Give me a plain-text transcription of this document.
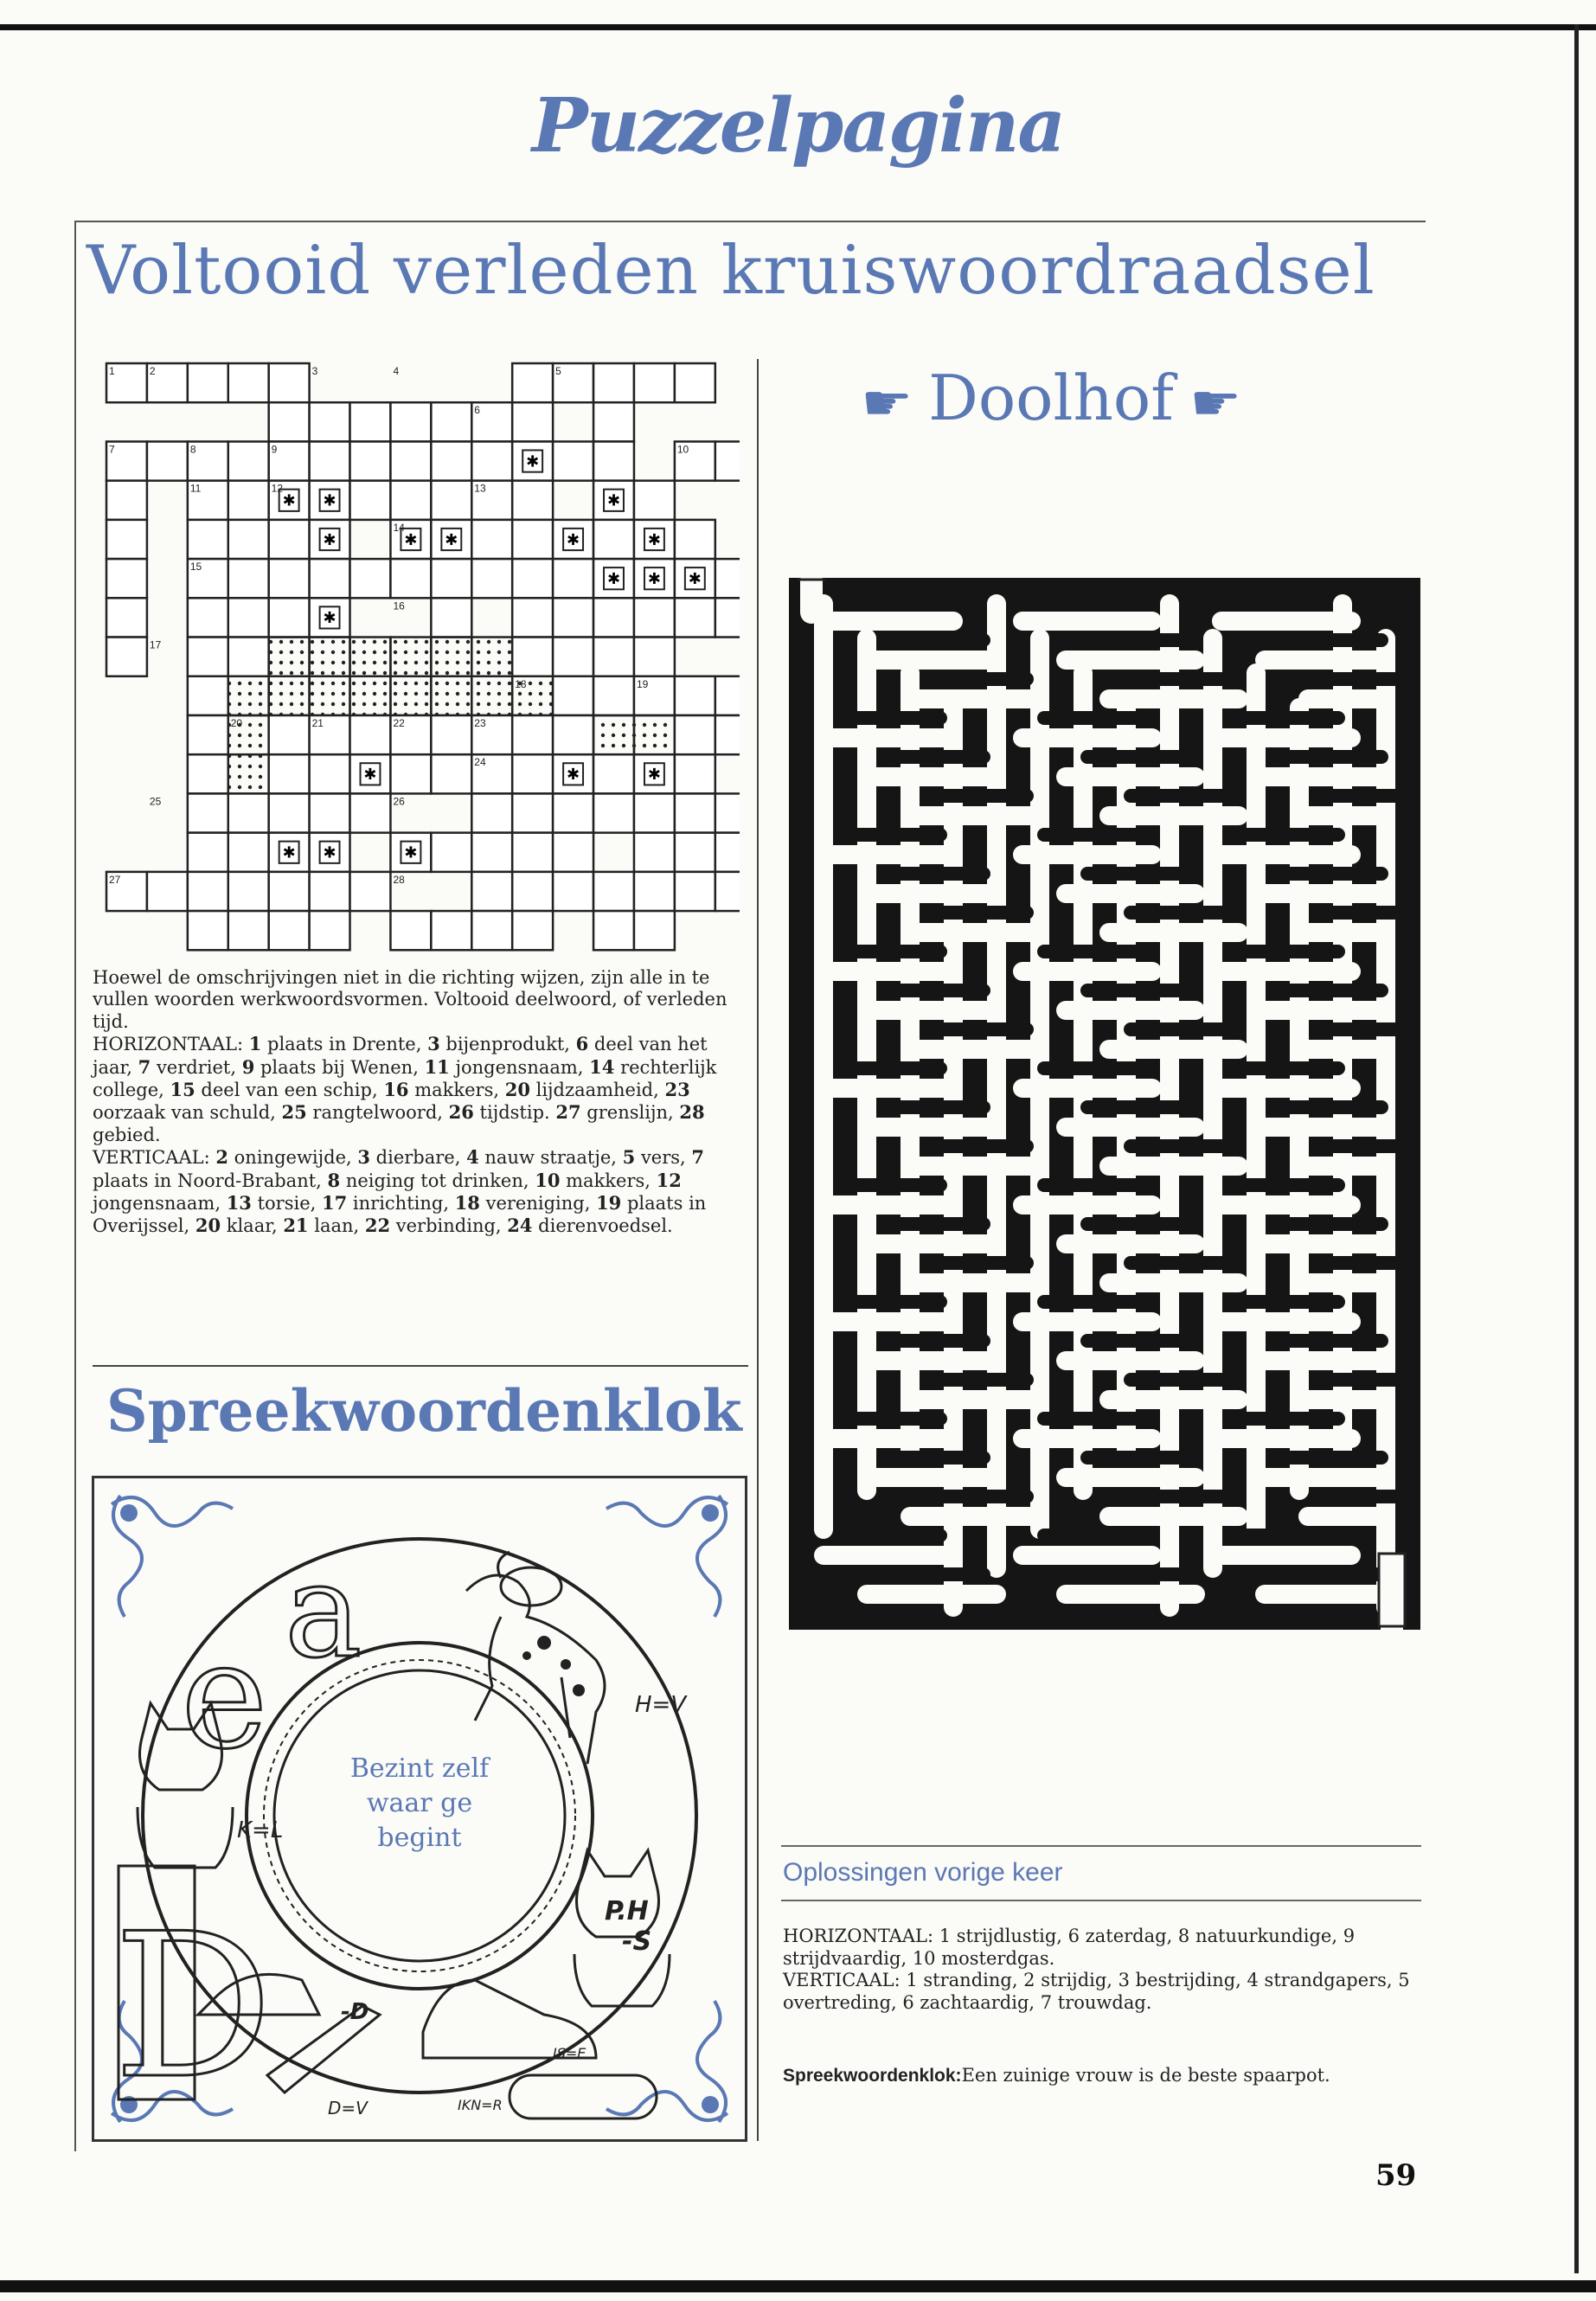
Puzzelpagina
Voltooid verleden kruiswoordraadsel
☛ Doolhof ☛
✱
✱ ✱	✱
✱	✱ ✱	✱	✱
✱ ✱ ✱
✱
✱	✱	✱
✱ ✱	✱
1	2	3	4	5
6
7	8	9	10
11	12	13
14
15
16
17
18	19
20	21	22	23
24
25	26
27	28
Hoewel de omschrijvingen niet in die richting wijzen, zijn alle in te vullen woorden werkwoordsvormen. Voltooid deelwoord, of verleden tijd.
HORIZONTAAL: 1 plaats in Drente, 3 bijenprodukt, 6 deel van het jaar, 7 verdriet, 9 plaats bij Wenen, 11 jongensnaam, 14 rechterlijk college, 15 deel van een schip, 16 makkers, 20 lijdzaamheid, 23 oorzaak van schuld, 25 rangtelwoord, 26 tijdstip. 27 grenslijn, 28 gebied.
VERTICAAL: 2 oningewijde, 3 dierbare, 4 nauw straatje, 5 vers, 7 plaats in Noord-Brabant, 8 neiging tot drinken, 10 makkers, 12 jongensnaam, 13 torsie, 17 inrichting, 18 vereniging, 19 plaats in Overijssel, 20 klaar, 21 laan, 22 verbinding, 24 dierenvoedsel.
Spreekwoordenklok
e a
D
Bezint zelf
waar ge
begint
H=V
K=L
P.H
-S
-D
D=V
IS=E
IKN=R
Oplossingen vorige keer
HORIZONTAAL: 1 strijdlustig, 6 zaterdag, 8 natuurkundige, 9 strijdvaardig, 10 mosterdgas.
VERTICAAL: 1 stranding, 2 strijdig, 3 bestrijding, 4 strandgapers, 5 overtreding, 6 zachtaardig, 7 trouwdag.
Spreekwoordenklok:Een zuinige vrouw is de beste spaarpot.
59
